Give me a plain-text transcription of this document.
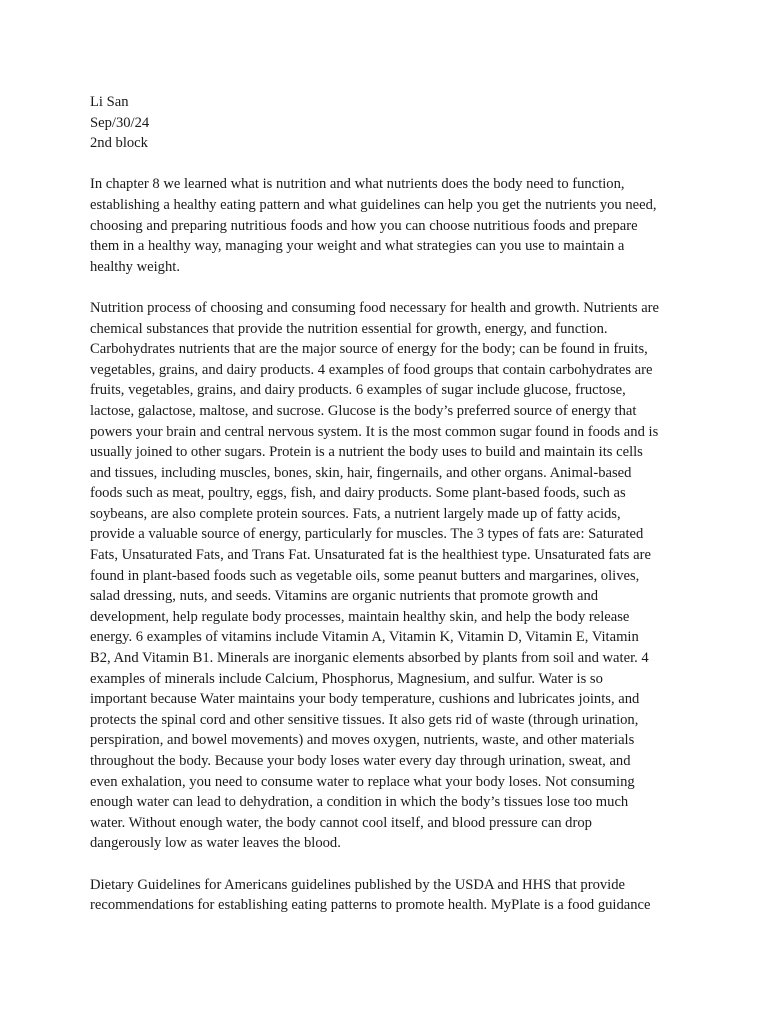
Li San
Sep/30/24
2nd block

In chapter 8 we learned what is nutrition and what nutrients does the body need to function,
establishing a healthy eating pattern and what guidelines can help you get the nutrients you need,
choosing and preparing nutritious foods and how you can choose nutritious foods and prepare
them in a healthy way, managing your weight and what strategies can you use to maintain a
healthy weight.

Nutrition process of choosing and consuming food necessary for health and growth. Nutrients are
chemical substances that provide the nutrition essential for growth, energy, and function.
Carbohydrates nutrients that are the major source of energy for the body; can be found in fruits,
vegetables, grains, and dairy products. 4 examples of food groups that contain carbohydrates are
fruits, vegetables, grains, and dairy products. 6 examples of sugar include glucose, fructose,
lactose, galactose, maltose, and sucrose. Glucose is the body’s preferred source of energy that
powers your brain and central nervous system. It is the most common sugar found in foods and is
usually joined to other sugars. Protein is a nutrient the body uses to build and maintain its cells
and tissues, including muscles, bones, skin, hair, fingernails, and other organs. Animal-based
foods such as meat, poultry, eggs, fish, and dairy products. Some plant-based foods, such as
soybeans, are also complete protein sources. Fats, a nutrient largely made up of fatty acids,
provide a valuable source of energy, particularly for muscles. The 3 types of fats are: Saturated
Fats, Unsaturated Fats, and Trans Fat. Unsaturated fat is the healthiest type. Unsaturated fats are
found in plant-based foods such as vegetable oils, some peanut butters and margarines, olives,
salad dressing, nuts, and seeds. Vitamins are organic nutrients that promote growth and
development, help regulate body processes, maintain healthy skin, and help the body release
energy. 6 examples of vitamins include Vitamin A, Vitamin K, Vitamin D, Vitamin E, Vitamin
B2, And Vitamin B1. Minerals are inorganic elements absorbed by plants from soil and water. 4
examples of minerals include Calcium, Phosphorus, Magnesium, and sulfur. Water is so
important because Water maintains your body temperature, cushions and lubricates joints, and
protects the spinal cord and other sensitive tissues. It also gets rid of waste (through urination,
perspiration, and bowel movements) and moves oxygen, nutrients, waste, and other materials
throughout the body. Because your body loses water every day through urination, sweat, and
even exhalation, you need to consume water to replace what your body loses. Not consuming
enough water can lead to dehydration, a condition in which the body’s tissues lose too much
water. Without enough water, the body cannot cool itself, and blood pressure can drop
dangerously low as water leaves the blood.

Dietary Guidelines for Americans guidelines published by the USDA and HHS that provide
recommendations for establishing eating patterns to promote health. MyPlate is a food guidance
